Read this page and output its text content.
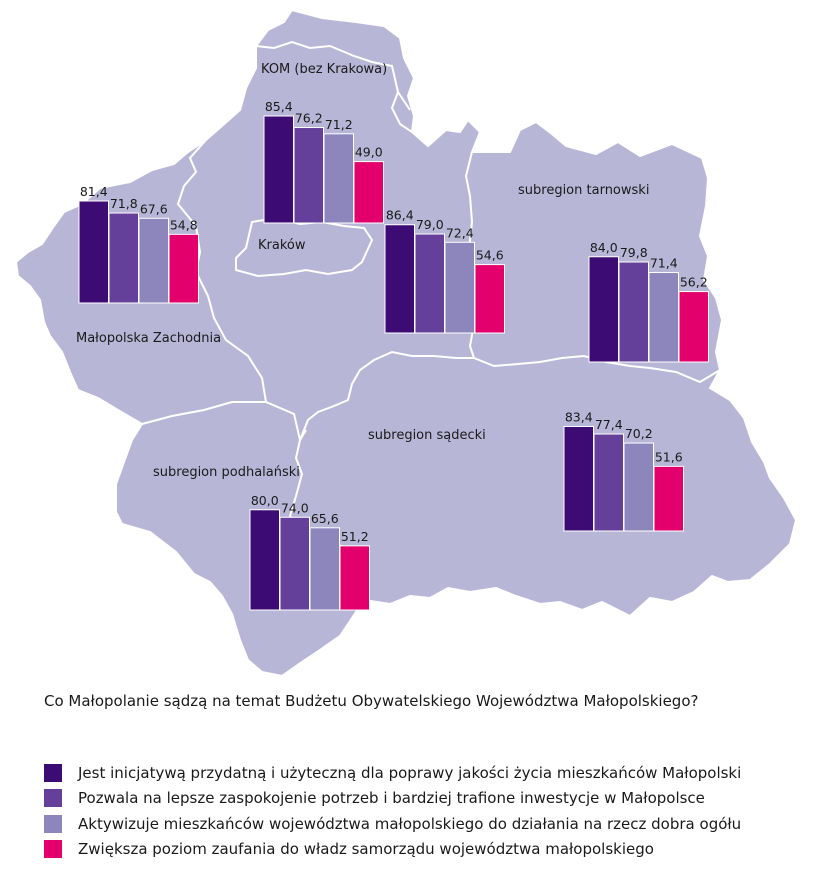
KOM (bez Krakowa)
Kraków
Małopolska Zachodnia
subregion tarnowski
subregion sądecki
subregion podhalański
81,4
71,8 67,6
54,8
85,4
76,2 71,2
49,0
86,4
79,0
72,4
54,6
84,0 79,8
71,4
56,2
83,4
77,4
70,2
51,6
80,0
74,0
65,6
51,2
Co Małopolanie sądzą na temat Budżetu Obywatelskiego Województwa Małopolskiego?
Jest inicjatywą przydatną i użyteczną dla poprawy jakości życia mieszkańców Małopolski
Pozwala na lepsze zaspokojenie potrzeb i bardziej trafione inwestycje w Małopolsce
Aktywizuje mieszkańców województwa małopolskiego do działania na rzecz dobra ogółu
Zwiększa poziom zaufania do władz samorządu województwa małopolskiego
